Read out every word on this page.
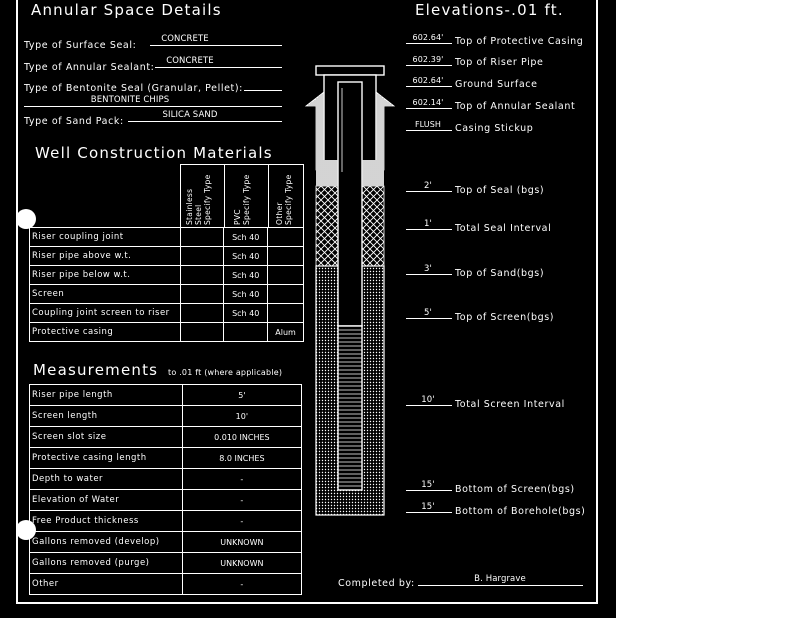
Annular Space Details
Type of Surface Seal:
CONCRETE
Type of Annular Sealant:
CONCRETE
Type of Bentonite Seal (Granular, Pellet):
BENTONITE CHIPS
Type of Sand Pack:
SILICA SAND
Well Construction Materials
Stainless
Steel
Specify Type
PVC
Specify Type
Other
Specify Type
Riser coupling joint		Sch 40	
Riser pipe above w.t.		Sch 40	
Riser pipe below w.t.		Sch 40	
Screen		Sch 40	
Coupling joint screen to riser		Sch 40	
Protective casing			Alum
Measurements to .01 ft (where applicable)
Riser pipe length	5'
Screen length	10'
Screen slot size	0.010 INCHES
Protective casing length	8.0 INCHES
Depth to water	-
Elevation of Water	-
Free Product thickness	-
Gallons removed (develop)	UNKNOWN
Gallons removed (purge)	UNKNOWN
Other	-
Elevations-.01 ft.
602.64'	Top of Protective Casing
602.39'	Top of Riser Pipe
602.64'	Ground Surface
602.14'	Top of Annular Sealant
FLUSH	Casing Stickup
2'	Top of Seal (bgs)
1'	Total Seal Interval
3'	Top of Sand(bgs)
5'	Top of Screen(bgs)
10'	Total Screen Interval
15'	Bottom of Screen(bgs)
15'	Bottom of Borehole(bgs)
Completed by:	B. Hargrave
